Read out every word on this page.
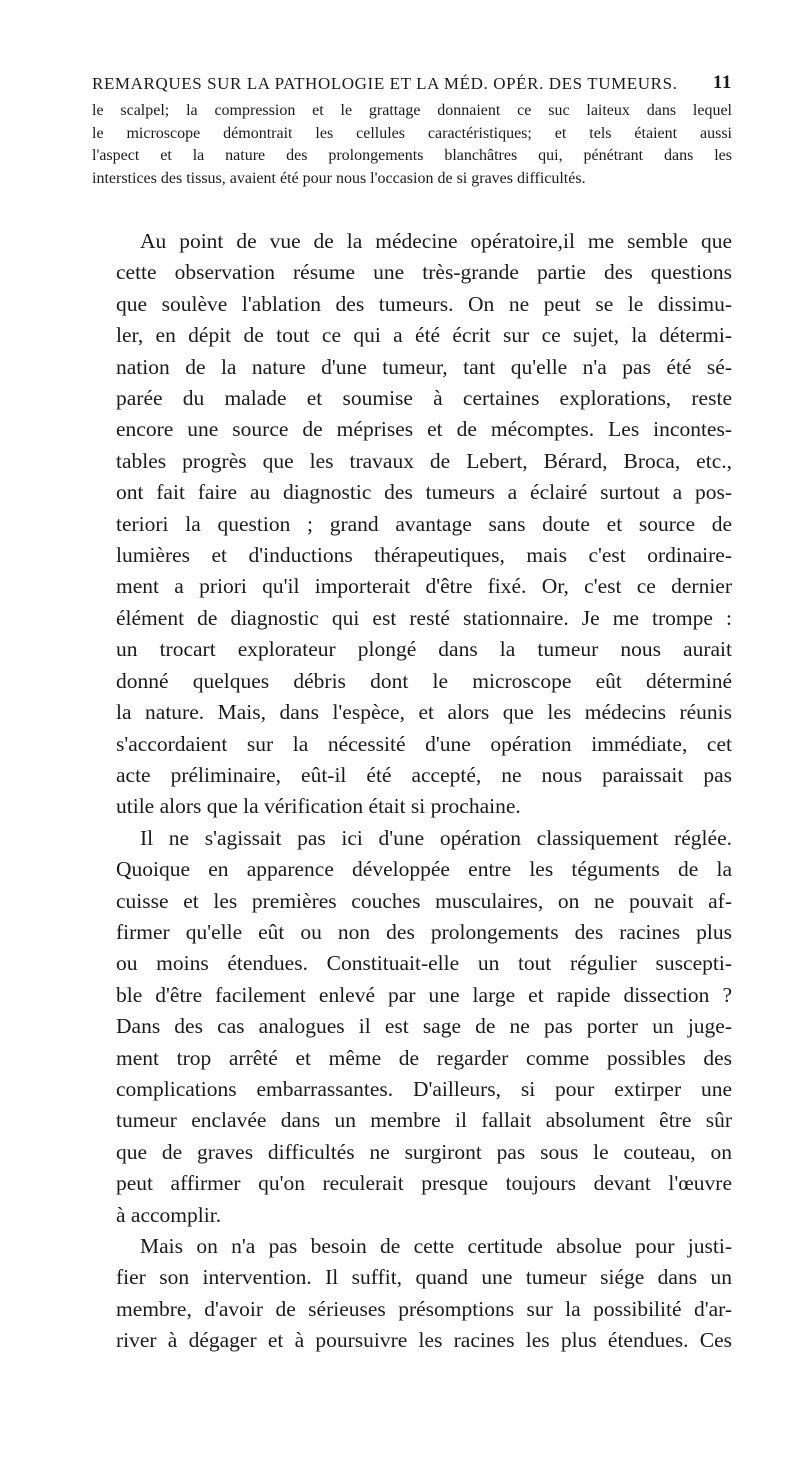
REMARQUES SUR LA PATHOLOGIE ET LA MÉD. OPÉR. DES TUMEURS. 11
le scalpel; la compression et le grattage donnaient ce suc laiteux dans lequel
le microscope démontrait les cellules caractéristiques; et tels étaient aussi
l'aspect et la nature des prolongements blanchâtres qui, pénétrant dans les
interstices des tissus, avaient été pour nous l'occasion de si graves difficultés.
Au point de vue de la médecine opératoire,il me semble que
cette observation résume une très-grande partie des questions
que soulève l'ablation des tumeurs. On ne peut se le dissimu-
ler, en dépit de tout ce qui a été écrit sur ce sujet, la détermi-
nation de la nature d'une tumeur, tant qu'elle n'a pas été sé-
parée du malade et soumise à certaines explorations, reste
encore une source de méprises et de mécomptes. Les incontes-
tables progrès que les travaux de Lebert, Bérard, Broca, etc.,
ont fait faire au diagnostic des tumeurs a éclairé surtout a pos-
teriori la question ; grand avantage sans doute et source de
lumières et d'inductions thérapeutiques, mais c'est ordinaire-
ment a priori qu'il importerait d'être fixé. Or, c'est ce dernier
élément de diagnostic qui est resté stationnaire. Je me trompe :
un trocart explorateur plongé dans la tumeur nous aurait
donné quelques débris dont le microscope eût déterminé
la nature. Mais, dans l'espèce, et alors que les médecins réunis
s'accordaient sur la nécessité d'une opération immédiate, cet
acte préliminaire, eût-il été accepté, ne nous paraissait pas
utile alors que la vérification était si prochaine.
Il ne s'agissait pas ici d'une opération classiquement réglée.
Quoique en apparence développée entre les téguments de la
cuisse et les premières couches musculaires, on ne pouvait af-
firmer qu'elle eût ou non des prolongements des racines plus
ou moins étendues. Constituait-elle un tout régulier suscepti-
ble d'être facilement enlevé par une large et rapide dissection ?
Dans des cas analogues il est sage de ne pas porter un juge-
ment trop arrêté et même de regarder comme possibles des
complications embarrassantes. D'ailleurs, si pour extirper une
tumeur enclavée dans un membre il fallait absolument être sûr
que de graves difficultés ne surgiront pas sous le couteau, on
peut affirmer qu'on reculerait presque toujours devant l'œuvre
à accomplir.
Mais on n'a pas besoin de cette certitude absolue pour justi-
fier son intervention. Il suffit, quand une tumeur siége dans un
membre, d'avoir de sérieuses présomptions sur la possibilité d'ar-
river à dégager et à poursuivre les racines les plus étendues. Ces
